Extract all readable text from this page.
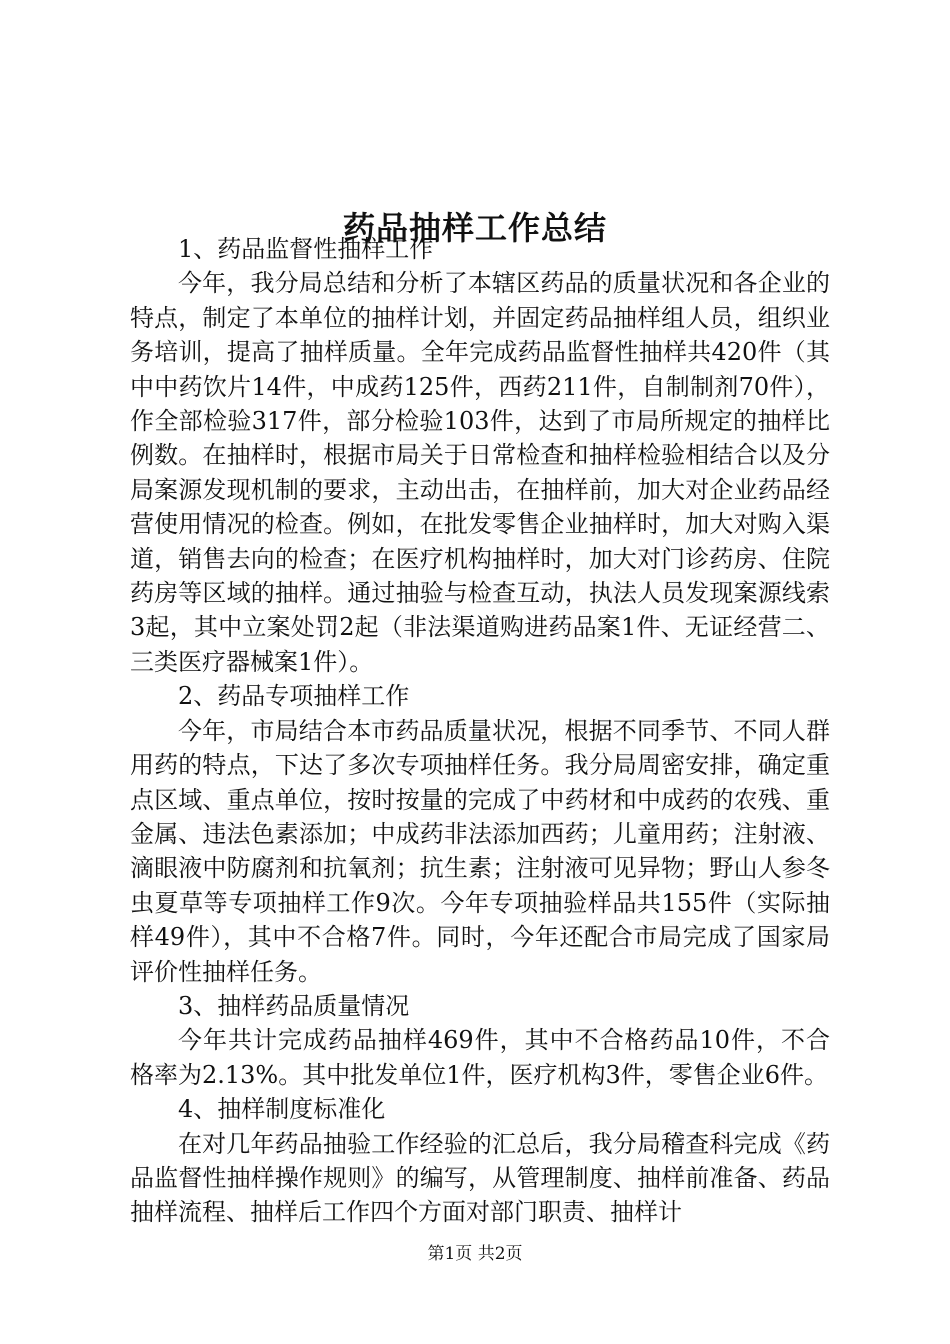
药品抽样工作总结

1、药品监督性抽样工作

今年，我分局总结和分析了本辖区药品的质量状况和各企业的特点，制定了本单位的抽样计划，并固定药品抽样组人员，组织业务培训，提高了抽样质量。全年完成药品监督性抽样共420件（其中中药饮片14件，中成药125件，西药211件，自制制剂70件），作全部检验317件，部分检验103件，达到了市局所规定的抽样比例数。在抽样时，根据市局关于日常检查和抽样检验相结合以及分局案源发现机制的要求，主动出击，在抽样前，加大对企业药品经营使用情况的检查。例如，在批发零售企业抽样时，加大对购入渠道，销售去向的检查；在医疗机构抽样时，加大对门诊药房、住院药房等区域的抽样。通过抽验与检查互动，执法人员发现案源线索3起，其中立案处罚2起（非法渠道购进药品案1件、无证经营二、三类医疗器械案1件）。

2、药品专项抽样工作

今年，市局结合本市药品质量状况，根据不同季节、不同人群用药的特点，下达了多次专项抽样任务。我分局周密安排，确定重点区域、重点单位，按时按量的完成了中药材和中成药的农残、重金属、违法色素添加；中成药非法添加西药；儿童用药；注射液、滴眼液中防腐剂和抗氧剂；抗生素；注射液可见异物；野山人参冬虫夏草等专项抽样工作9次。今年专项抽验样品共155件（实际抽样49件），其中不合格7件。同时，今年还配合市局完成了国家局评价性抽样任务。

3、抽样药品质量情况

今年共计完成药品抽样469件，其中不合格药品10件，不合格率为2.13%。其中批发单位1件，医疗机构3件，零售企业6件。

4、抽样制度标准化

在对几年药品抽验工作经验的汇总后，我分局稽查科完成《药品监督性抽样操作规则》的编写，从管理制度、抽样前准备、药品抽样流程、抽样后工作四个方面对部门职责、抽样计

第1页 共2页
